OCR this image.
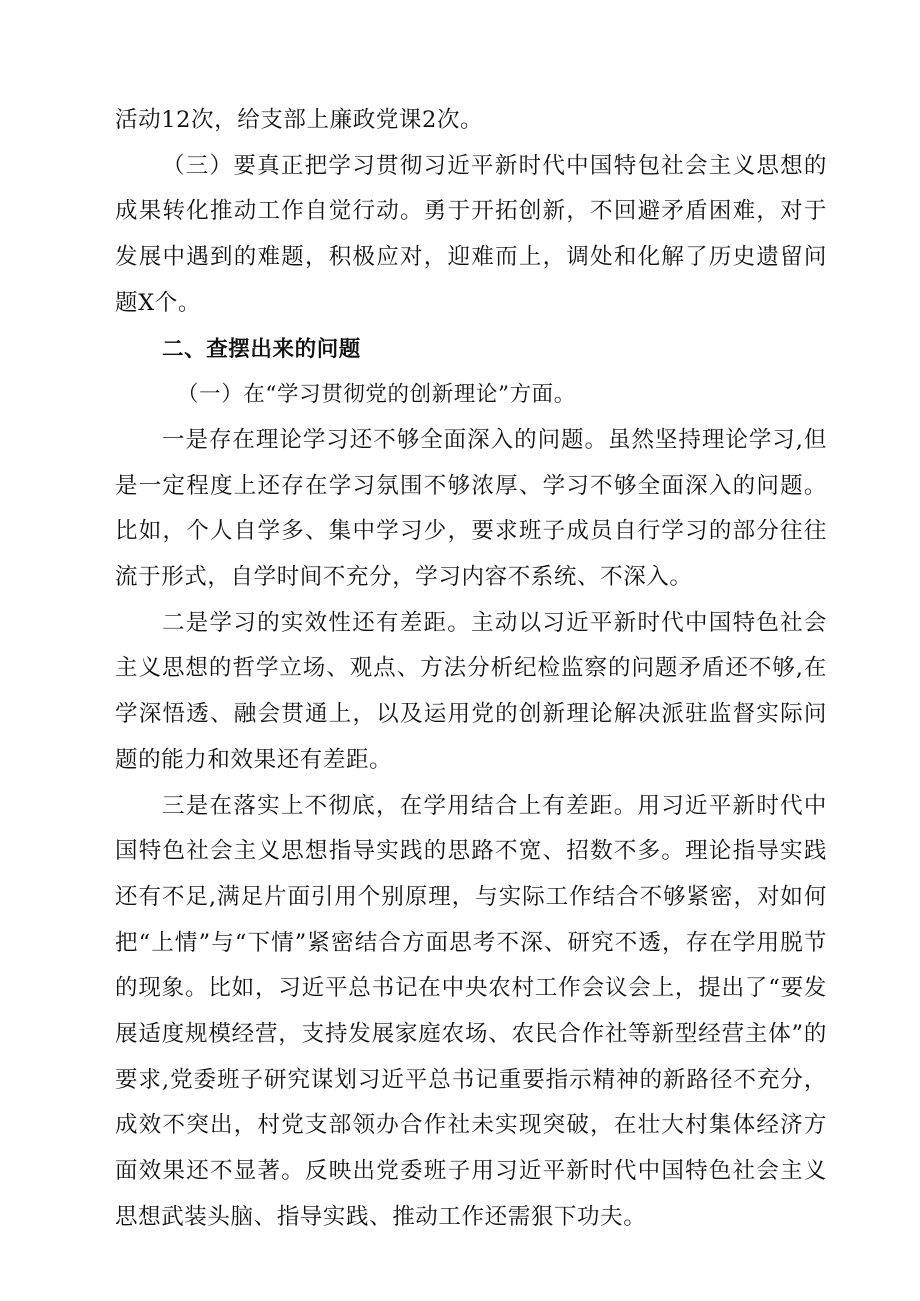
活动12次，给支部上廉政党课2次。

（三）要真正把学习贯彻习近平新时代中国特包社会主义思想的成果转化推动工作自觉行动。勇于开拓创新，不回避矛盾困难，对于发展中遇到的难题，积极应对，迎难而上，调处和化解了历史遗留问题X个。

二、查摆出来的问题

（一）在“学习贯彻党的创新理论”方面。

一是存在理论学习还不够全面深入的问题。虽然坚持理论学习,但是一定程度上还存在学习氛围不够浓厚、学习不够全面深入的问题。比如，个人自学多、集中学习少，要求班子成员自行学习的部分往往流于形式，自学时间不充分，学习内容不系统、不深入。

二是学习的实效性还有差距。主动以习近平新时代中国特色社会主义思想的哲学立场、观点、方法分析纪检监察的问题矛盾还不够,在学深悟透、融会贯通上，以及运用党的创新理论解决派驻监督实际问题的能力和效果还有差距。

三是在落实上不彻底，在学用结合上有差距。用习近平新时代中国特色社会主义思想指导实践的思路不宽、招数不多。理论指导实践还有不足,满足片面引用个别原理，与实际工作结合不够紧密，对如何把“上情”与“下情”紧密结合方面思考不深、研究不透，存在学用脱节的现象。比如，习近平总书记在中央农村工作会议会上，提出了“要发展适度规模经营，支持发展家庭农场、农民合作社等新型经营主体”的要求,党委班子研究谋划习近平总书记重要指示精神的新路径不充分，成效不突出，村党支部领办合作社未实现突破，在壮大村集体经济方面效果还不显著。反映出党委班子用习近平新时代中国特色社会主义思想武装头脑、指导实践、推动工作还需狠下功夫。
